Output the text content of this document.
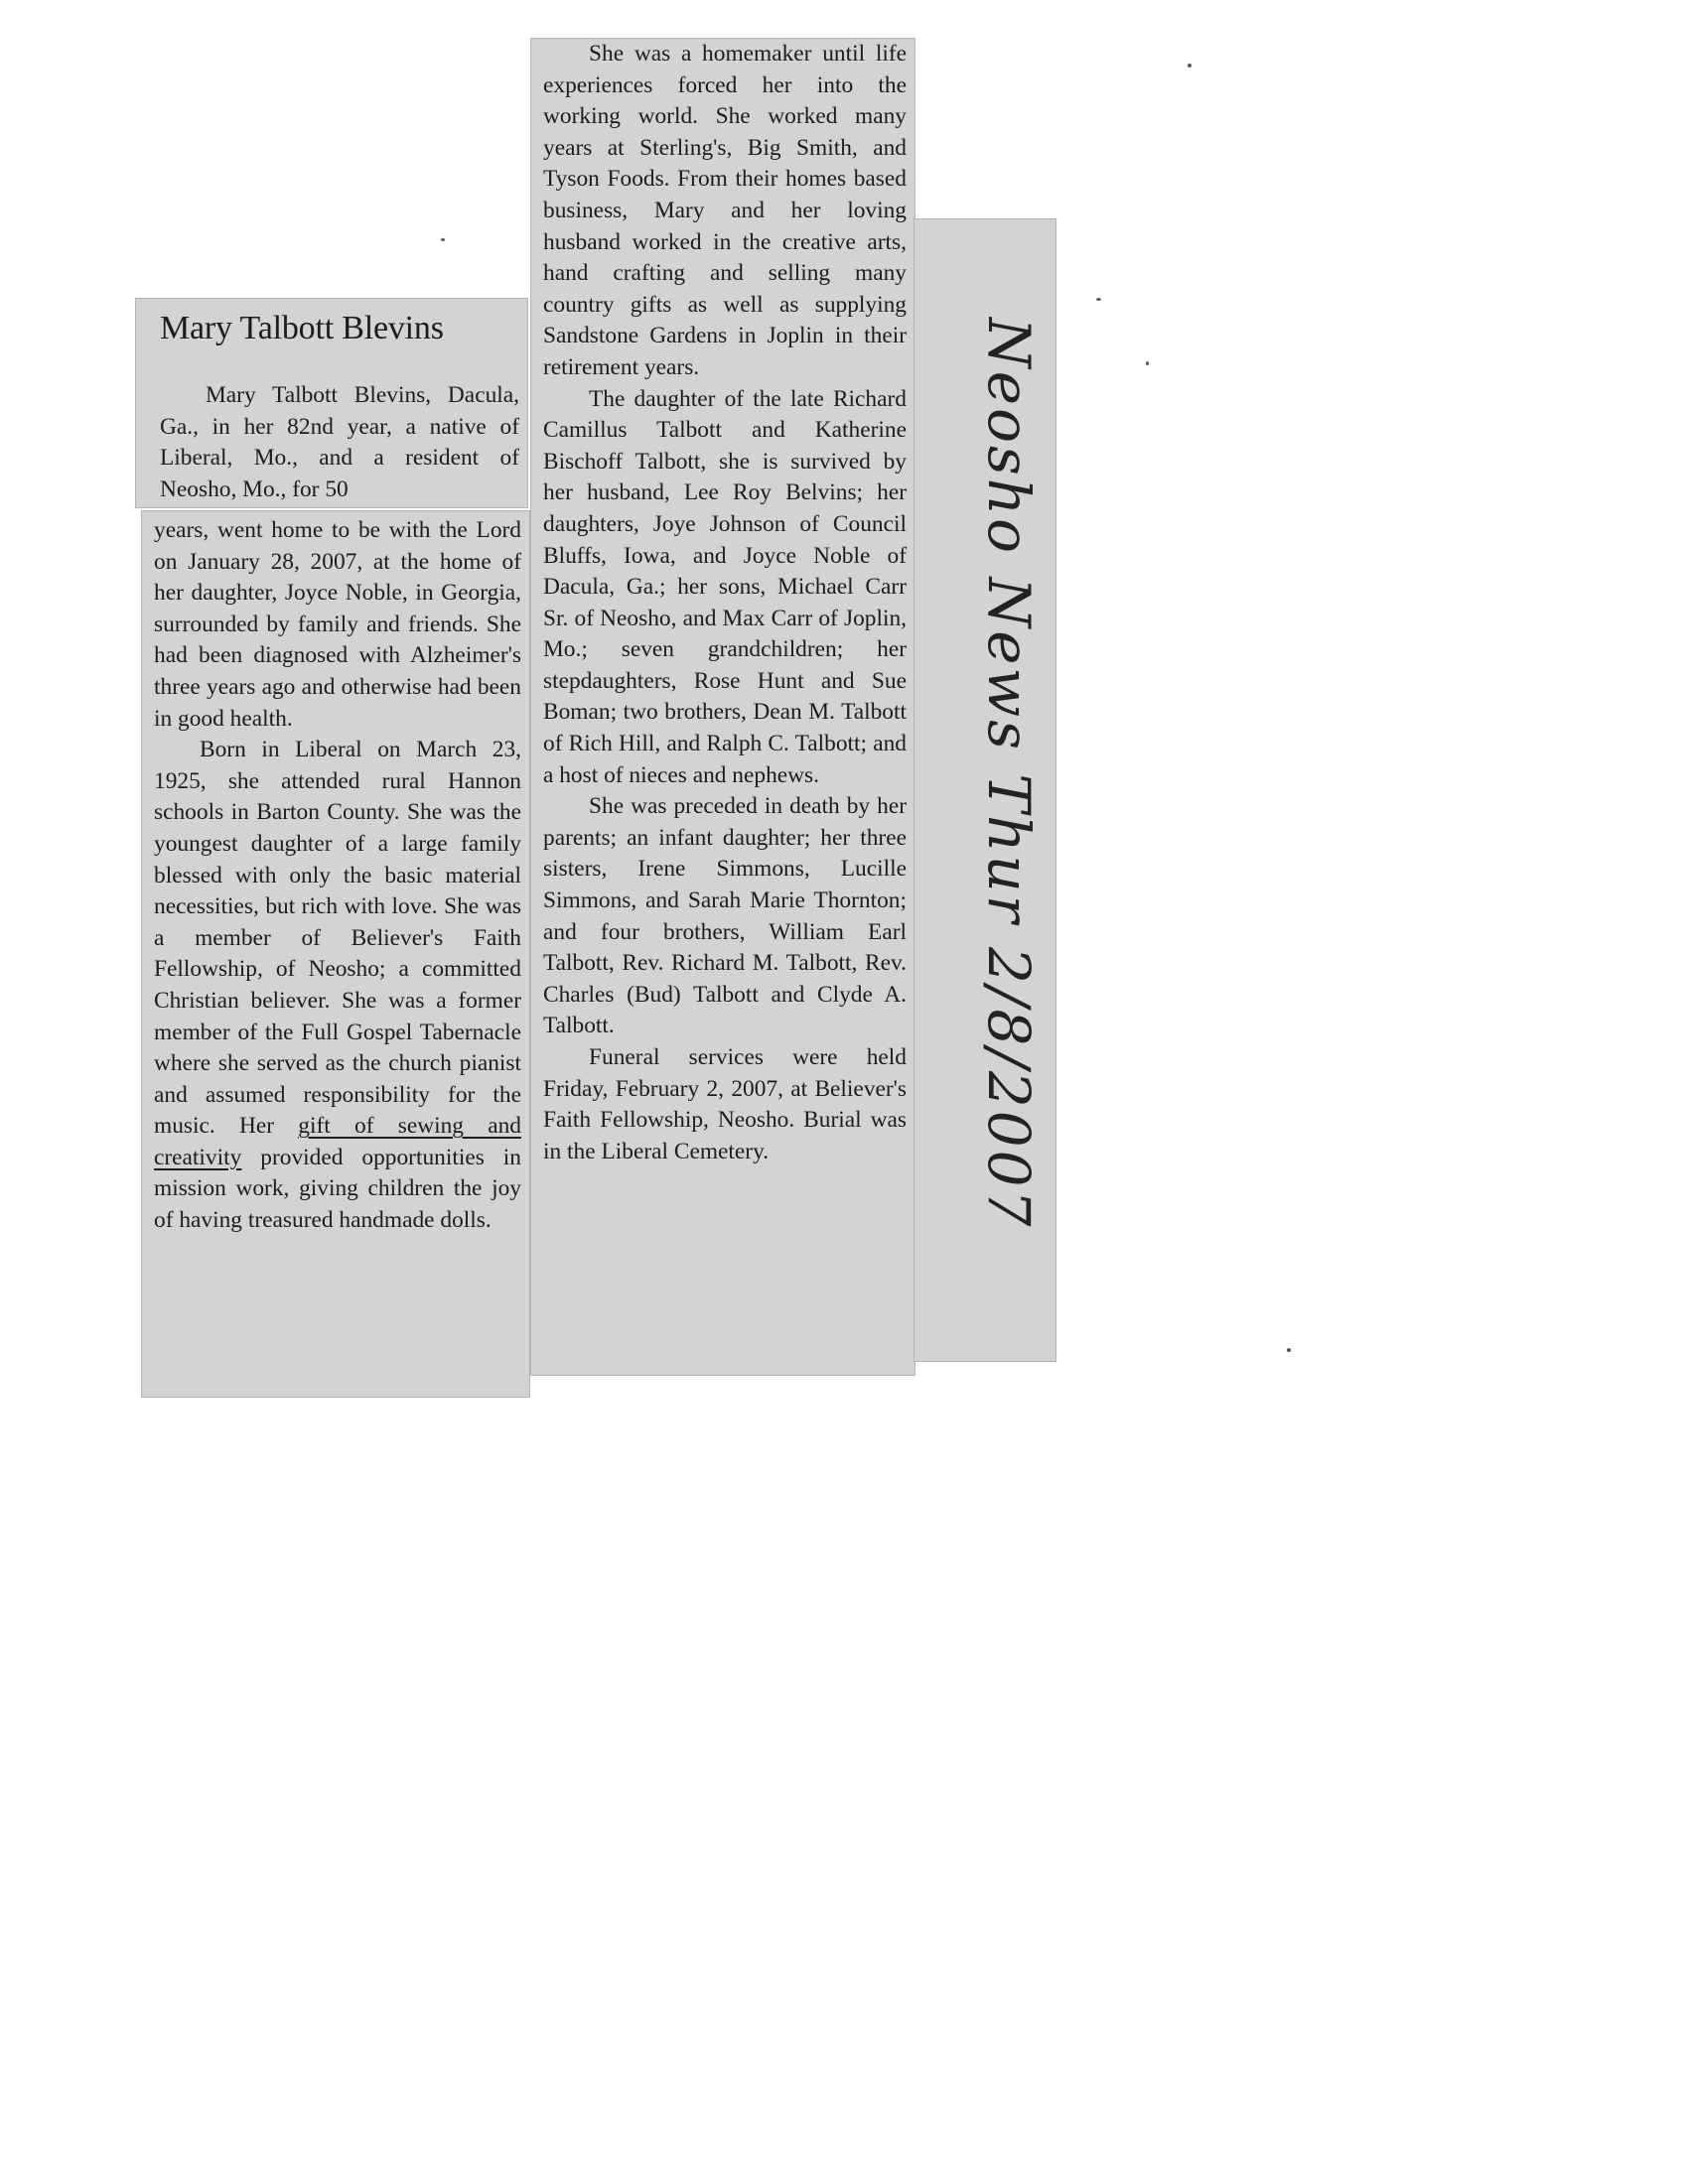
Mary Talbott Blevins

Mary Talbott Blevins, Dacula, Ga., in her 82nd year, a native of Liberal, Mo., and a resident of Neosho, Mo., for 50

years, went home to be with the Lord on January 28, 2007, at the home of her daughter, Joyce Noble, in Georgia, surrounded by family and friends. She had been diagnosed with Alzheimer's three years ago and otherwise had been in good health.

Born in Liberal on March 23, 1925, she attended rural Hannon schools in Barton County. She was the youngest daughter of a large family blessed with only the basic material necessities, but rich with love. She was a member of Believer's Faith Fellowship, of Neosho; a committed Christian believer. She was a former member of the Full Gospel Tabernacle where she served as the church pianist and assumed responsibility for the music. Her gift of sewing and creativity provided opportunities in mission work, giving children the joy of having treasured handmade dolls.

She was a homemaker until life experiences forced her into the working world. She worked many years at Sterling's, Big Smith, and Tyson Foods. From their homes based business, Mary and her loving husband worked in the creative arts, hand crafting and selling many country gifts as well as supplying Sandstone Gardens in Joplin in their retirement years.

The daughter of the late Richard Camillus Talbott and Katherine Bischoff Talbott, she is survived by her husband, Lee Roy Belvins; her daughters, Joye Johnson of Council Bluffs, Iowa, and Joyce Noble of Dacula, Ga.; her sons, Michael Carr Sr. of Neosho, and Max Carr of Joplin, Mo.; seven grandchildren; her stepdaughters, Rose Hunt and Sue Boman; two brothers, Dean M. Talbott of Rich Hill, and Ralph C. Talbott; and a host of nieces and nephews.

She was preceded in death by her parents; an infant daughter; her three sisters, Irene Simmons, Lucille Simmons, and Sarah Marie Thornton; and four brothers, William Earl Talbott, Rev. Richard M. Talbott, Rev. Charles (Bud) Talbott and Clyde A. Talbott.

Funeral services were held Friday, February 2, 2007, at Believer's Faith Fellowship, Neosho. Burial was in the Liberal Cemetery.	Neosho News Thur 2/8/2007
